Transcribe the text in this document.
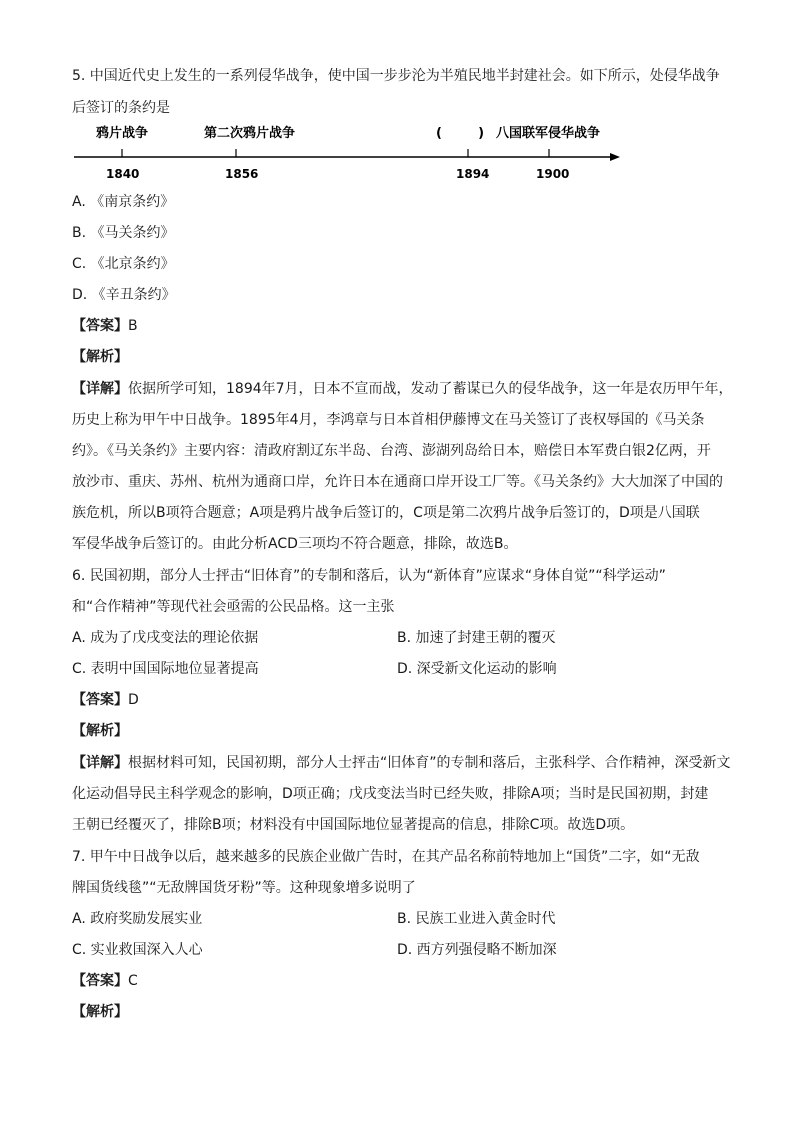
5. 中国近代史上发生的一系列侵华战争，使中国一步步沦为半殖民地半封建社会。如下所示，处侵华战争
后签订的条约是
鸦片战争	第二次鸦片战争	(        ) 八国联军侵华战争
1840	1856	1894	1900
A. 《南京条约》
B. 《马关条约》
C. 《北京条约》
D. 《辛丑条约》
【答案】B
【解析】
【详解】依据所学可知，1894年7月，日本不宣而战，发动了蓄谋已久的侵华战争，这一年是农历甲午年，
历史上称为甲午中日战争。1895年4月，李鸿章与日本首相伊藤博文在马关签订了丧权辱国的《马关条
约》。《马关条约》主要内容：清政府割辽东半岛、台湾、澎湖列岛给日本，赔偿日本军费白银2亿两，开
放沙市、重庆、苏州、杭州为通商口岸，允许日本在通商口岸开设工厂等。《马关条约》大大加深了中国的
族危机，所以B项符合题意；A项是鸦片战争后签订的，C项是第二次鸦片战争后签订的，D项是八国联
军侵华战争后签订的。由此分析ACD三项均不符合题意，排除，故选B。
6. 民国初期，部分人士抨击“旧体育”的专制和落后，认为“新体育”应谋求“身体自觉”“科学运动”
和“合作精神”等现代社会亟需的公民品格。这一主张
A. 成为了戊戌变法的理论依据	B. 加速了封建王朝的覆灭
C. 表明中国国际地位显著提高	D. 深受新文化运动的影响
【答案】D
【解析】
【详解】根据材料可知，民国初期，部分人士抨击“旧体育”的专制和落后，主张科学、合作精神，深受新文
化运动倡导民主科学观念的影响，D项正确；戊戌变法当时已经失败，排除A项；当时是民国初期，封建
王朝已经覆灭了，排除B项；材料没有中国国际地位显著提高的信息，排除C项。故选D项。
7. 甲午中日战争以后，越来越多的民族企业做广告时，在其产品名称前特地加上“国货”二字，如“无敌
牌国货线毯”“无敌牌国货牙粉”等。这种现象增多说明了
A. 政府奖励发展实业	B. 民族工业进入黄金时代
C. 实业救国深入人心	D. 西方列强侵略不断加深
【答案】C
【解析】
